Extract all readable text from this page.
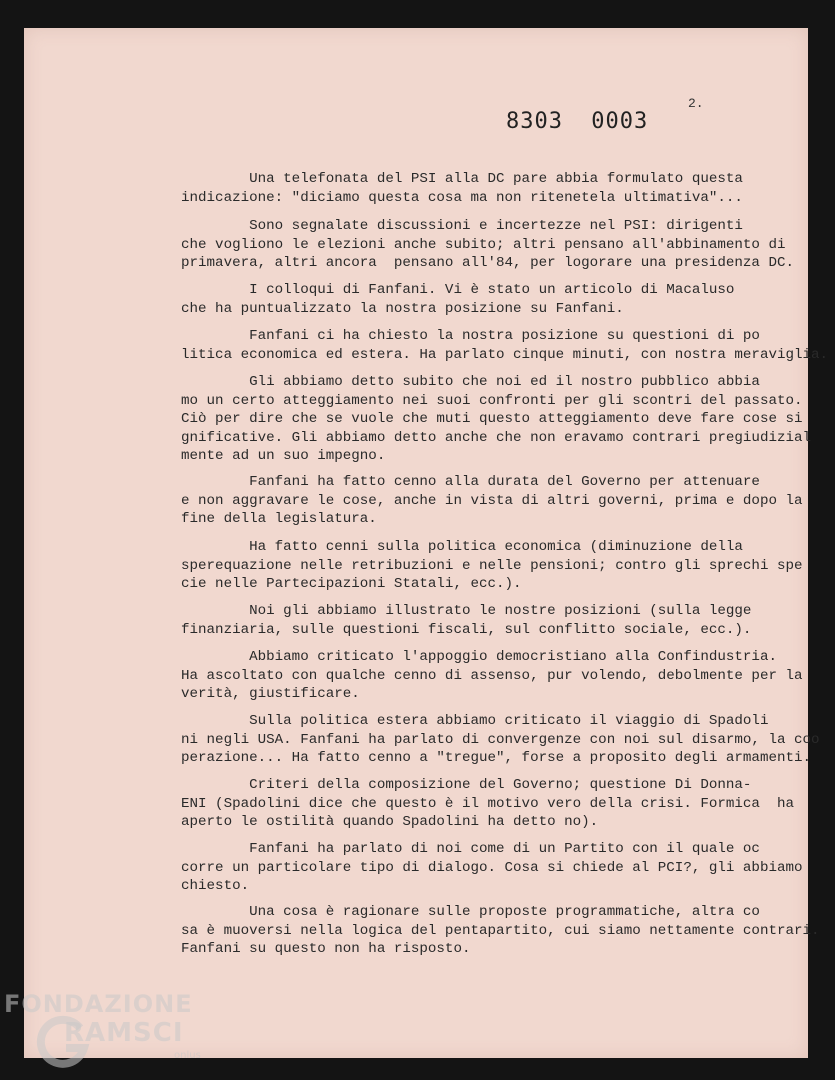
2.
8303 0003
Una telefonata del PSI alla DC pare abbia formulato questa
indicazione: "diciamo questa cosa ma non ritenetela ultimativa"...
Sono segnalate discussioni e incertezze nel PSI: dirigenti
che vogliono le elezioni anche subito; altri pensano all'abbinamento di
primavera, altri ancora  pensano all'84, per logorare una presidenza DC.
I colloqui di Fanfani. Vi è stato un articolo di Macaluso
che ha puntualizzato la nostra posizione su Fanfani.
Fanfani ci ha chiesto la nostra posizione su questioni di po
litica economica ed estera. Ha parlato cinque minuti, con nostra meraviglia.
Gli abbiamo detto subito che noi ed il nostro pubblico abbia
mo un certo atteggiamento nei suoi confronti per gli scontri del passato.
Ciò per dire che se vuole che muti questo atteggiamento deve fare cose si
gnificative. Gli abbiamo detto anche che non eravamo contrari pregiudizial
mente ad un suo impegno.
Fanfani ha fatto cenno alla durata del Governo per attenuare
e non aggravare le cose, anche in vista di altri governi, prima e dopo la
fine della legislatura.
Ha fatto cenni sulla politica economica (diminuzione della
sperequazione nelle retribuzioni e nelle pensioni; contro gli sprechi spe
cie nelle Partecipazioni Statali, ecc.).
Noi gli abbiamo illustrato le nostre posizioni (sulla legge
finanziaria, sulle questioni fiscali, sul conflitto sociale, ecc.).
Abbiamo criticato l'appoggio democristiano alla Confindustria.
Ha ascoltato con qualche cenno di assenso, pur volendo, debolmente per la
verità, giustificare.
Sulla politica estera abbiamo criticato il viaggio di Spadoli
ni negli USA. Fanfani ha parlato di convergenze con noi sul disarmo, la coo
perazione... Ha fatto cenno a "tregue", forse a proposito degli armamenti.
Criteri della composizione del Governo; questione Di Donna-
ENI (Spadolini dice che questo è il motivo vero della crisi. Formica  ha
aperto le ostilità quando Spadolini ha detto no).
Fanfani ha parlato di noi come di un Partito con il quale oc
corre un particolare tipo di dialogo. Cosa si chiede al PCI?, gli abbiamo
chiesto.
Una cosa è ragionare sulle proposte programmatiche, altra co
sa è muoversi nella logica del pentapartito, cui siamo nettamente contrari.
Fanfani su questo non ha risposto.
FONDAZIONE
RAMSCI
onlus
